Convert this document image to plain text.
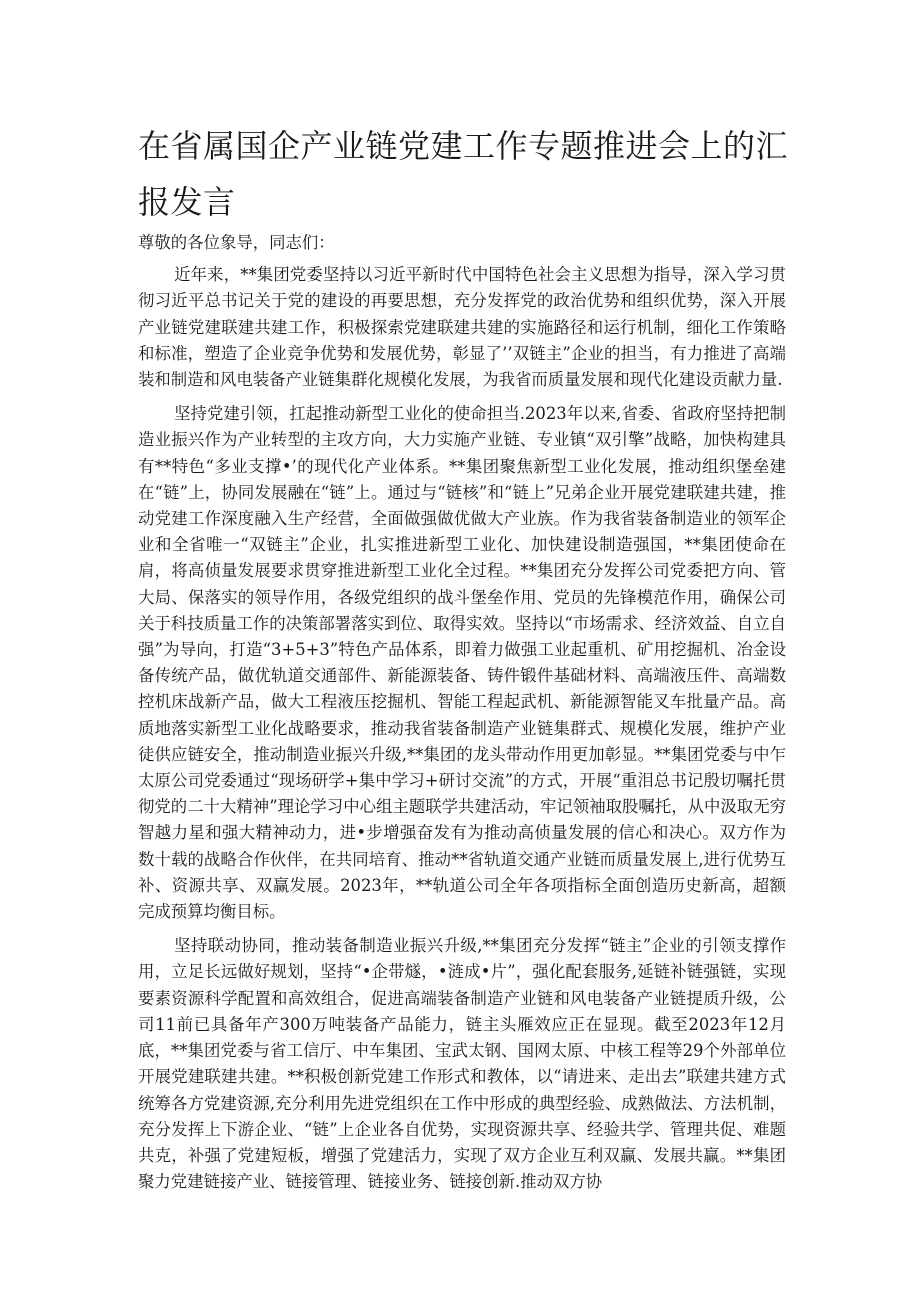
在省属国企产业链党建工作专题推进会上的汇报发言

尊敬的各位象导，同志们：

近年来，**集团党委坚持以习近平新时代中国特色社会主义思想为指导，深入学习贯彻习近平总书记关于党的建设的再要思想，充分发挥党的政治优势和组织优势，深入开展产业链党建联建共建工作，积极探索党建联建共建的实施路径和运行机制，细化工作策略和标准，塑造了企业竞争优势和发展优势，彰显了’’双链主”企业的担当，有力推进了高端装和制造和风电装备产业链集群化规模化发展，为我省而质量发展和现代化建设贡献力量.

坚持党建引领，扛起推动新型工业化的使命担当.2023年以来,省委、省政府坚持把制造业振兴作为产业转型的主攻方向，大力实施产业链、专业镇“双引擎”战略，加快构建具有**特色“多业支撑•’的现代化产业体系。**集团聚焦新型工业化发展，推动组织堡垒建在“链”上，协同发展融在“链”上。通过与“链核”和“链上”兄弟企业开展党建联建共建，推动党建工作深度融入生产经营，全面做强做优做大产业族。作为我省装备制造业的领军企业和全省唯一“双链主”企业，扎实推进新型工业化、加快建设制造强国，**集团使命在肩，将高侦量发展要求贯穿推进新型工业化全过程。**集团充分发挥公司党委把方向、管大局、保落实的领导作用，各级党组织的战斗堡垒作用、党员的先锋模范作用，确保公司关于科技质量工作的决策部署落实到位、取得实效。坚持以“市场需求、经济效益、自立自强”为导向，打造“3+5+3”特色产品体系，即着力做强工业起重机、矿用挖掘机、冶金设备传统产品，做优轨道交通部件、新能源装备、铸件锻件基础材料、高端液压件、高端数控机床战新产品，做大工程液压挖掘机、智能工程起武机、新能源智能叉车批量产品。高质地落实新型工业化战略要求，推动我省装备制造产业链集群式、规模化发展，维护产业徒供应链安全，推动制造业振兴升级,**集团的龙头带动作用更加彰显。**集团党委与中乍太原公司党委通过“现场研学+集中学习+研讨交流”的方式，开展“重泪总书记殷切嘱托贯彻党的二十大精神”理论学习中心组主题联学共建活动，牢记领袖取股嘱托，从中汲取无穷智越力星和强大精神动力，进•步增强奋发有为推动高侦量发展的信心和决心。双方作为数十载的战略合作伙伴，在共同培育、推动**省轨道交通产业链而质量发展上,进行优势互补、资源共享、双赢发展。2023年，**轨道公司全年各项指标全面创造历史新高，超额完成预算均衡目标。

坚持联动协同，推动装备制造业振兴升级,**集团充分发挥“链主”企业的引领支撑作用，立足长远做好规划，坚持“•企带燧，•涟成•片”，强化配套服务,延链补链强链，实现要素资源科学配置和高效组合，促进高端装备制造产业链和风电装备产业链提质升级，公司11前已具备年产300万吨装备产品能力，链主头雁效应正在显现。截至2023年12月底，**集团党委与省工信厅、中车集团、宝武太钢、国网太原、中核工程等29个外部单位开展党建联建共建。**积极创新党建工作形式和教体，以“请进来、走出去”联建共建方式统筹各方党建资源,充分利用先进党组织在工作中形成的典型经验、成熟做法、方法机制，充分发挥上下游企业、“链”上企业各自优势，实现资源共享、经验共学、管理共促、难题共克，补强了党建短板，增强了党建活力，实现了双方企业互利双赢、发展共赢。**集团聚力党建链接产业、链接管理、链接业务、链接创新.推动双方协
